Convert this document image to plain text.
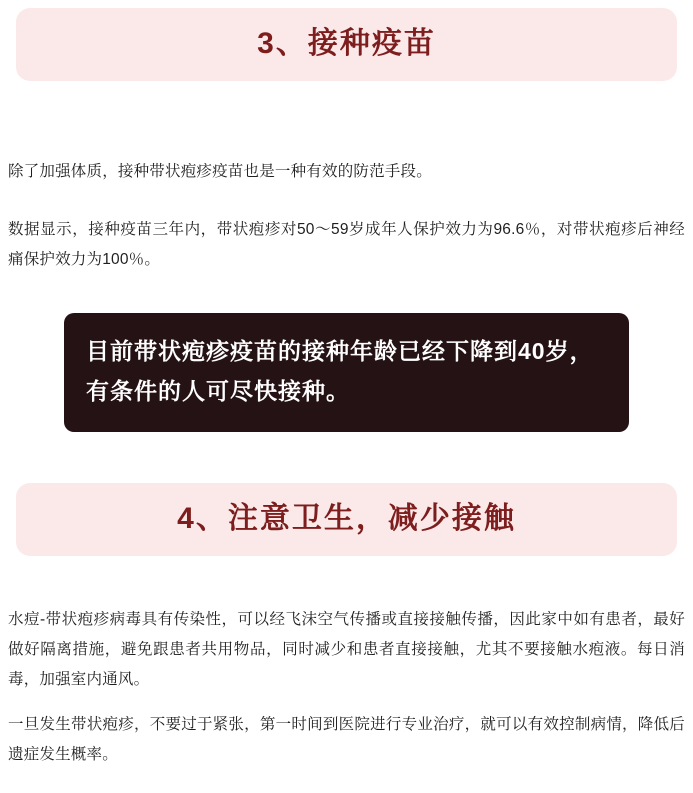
3、接种疫苗
除了加强体质，接种带状疱疹疫苗也是一种有效的防范手段。
数据显示，接种疫苗三年内，带状疱疹对50～59岁成年人保护效力为96.6％，对带状疱疹后神经痛保护效力为100％。
目前带状疱疹疫苗的接种年龄已经下降到40岁，有条件的人可尽快接种。
4、注意卫生，减少接触
水痘-带状疱疹病毒具有传染性，可以经飞沫空气传播或直接接触传播，因此家中如有患者，最好做好隔离措施，避免跟患者共用物品，同时减少和患者直接接触，尤其不要接触水疱液。每日消毒，加强室内通风。
一旦发生带状疱疹，不要过于紧张，第一时间到医院进行专业治疗，就可以有效控制病情，降低后遗症发生概率。
